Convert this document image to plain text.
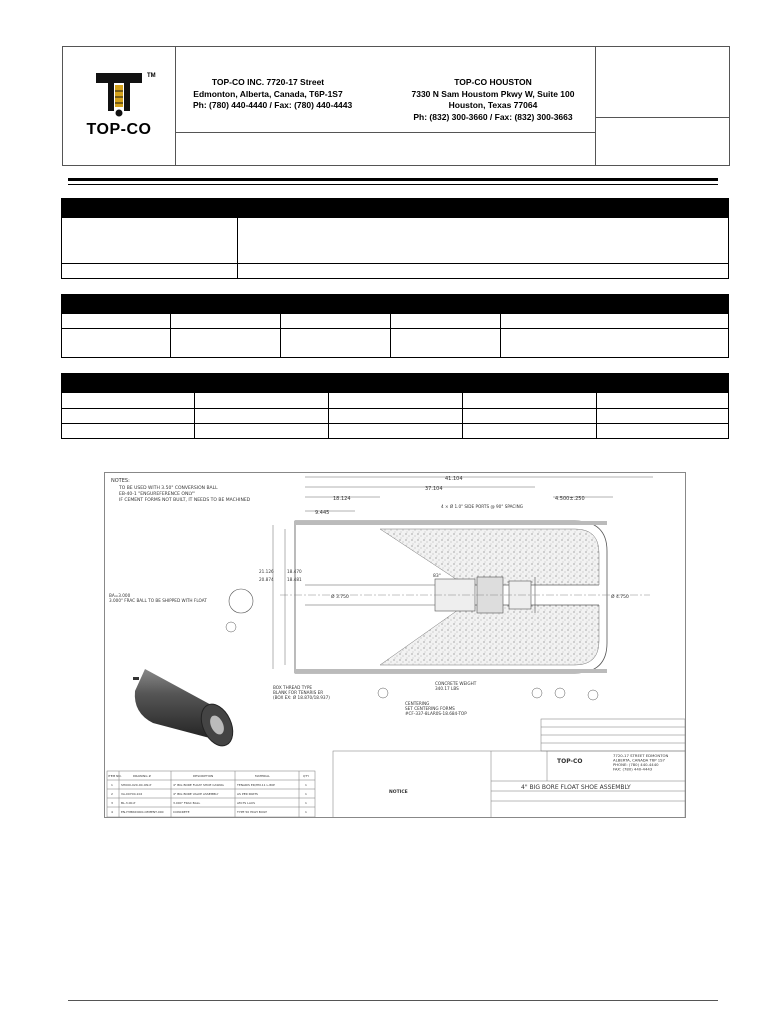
TM
TOP-CO
TOP-CO INC. 7720-17 Street
Edmonton, Alberta, Canada, T6P-1S7
Ph: (780) 440-4440 / Fax: (780) 440-4443
TOP-CO HOUSTON
7330 N Sam Houstom Pkwy W, Suite 100
Houston, Texas 77064
Ph: (832) 300-3660 / Fax: (832) 300-3663
NOTES:
TO BE USED WITH 3.50" CONVERSION BALL
EB-40-1 "ENGUREFERENCE ONLY"
IF CEMENT FORMS NOT BUILT, IT NEEDS TO BE MACHINED
41.104
37.104
18.124
9.445
4.500±.250
4 × Ø 1.0" SIDE PORTS @ 90° SPACING
83°
Ø 3.750	Ø 4.750
21.126
20.874
18.470
18.481
BA=3.000 3.000" FRAC BALL TO BE SHIPPED WITH FLOAT
BOX THREAD TYPE BLANK FOR TENARIS ER (BOX EX: Ø 18.870/18.937)
CONCRETE WEIGHT 340.17 LBS
CENTERING SET CENTERING FORMS #CF-337-8LAR0S-18.684-TOP
TOP-CO
7720-17 STREET EDMONTON ALBERTA, CANADA T6P 1S7 PHONE: (780) 440-4440 FAX: (780) 440-4443
4" BIG BORE FLOAT SHOE ASSEMBLY
NOTICE
ITEM NO.	DRAWING #	DESCRIPTION	MATERIAL	QTY
1	SH000-020-00-ON-P	4" BIG BORE FLOAT SHOE CASING	TENARIS ER/HM-11 L-80P	1
2	VA-00700-102	4" BIG BORE VALVE ASSEMBLY	AS PER PARTS	1
3	BL-3.00-P	3.000" FRAC BALL	AM-TS LAUS	1
4	EN-HYBRID000-CEMENT-000	CONCRETE	TYPE 50 HIGH BUILT	1
